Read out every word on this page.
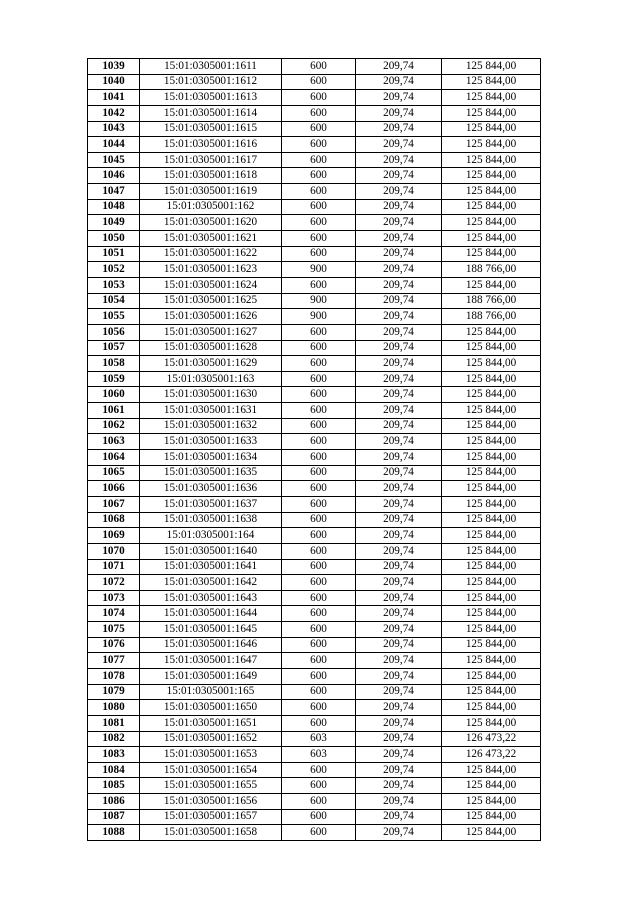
1039	15:01:0305001:1611	600	209,74	125 844,00
1040	15:01:0305001:1612	600	209,74	125 844,00
1041	15:01:0305001:1613	600	209,74	125 844,00
1042	15:01:0305001:1614	600	209,74	125 844,00
1043	15:01:0305001:1615	600	209,74	125 844,00
1044	15:01:0305001:1616	600	209,74	125 844,00
1045	15:01:0305001:1617	600	209,74	125 844,00
1046	15:01:0305001:1618	600	209,74	125 844,00
1047	15:01:0305001:1619	600	209,74	125 844,00
1048	15:01:0305001:162	600	209,74	125 844,00
1049	15:01:0305001:1620	600	209,74	125 844,00
1050	15:01:0305001:1621	600	209,74	125 844,00
1051	15:01:0305001:1622	600	209,74	125 844,00
1052	15:01:0305001:1623	900	209,74	188 766,00
1053	15:01:0305001:1624	600	209,74	125 844,00
1054	15:01:0305001:1625	900	209,74	188 766,00
1055	15:01:0305001:1626	900	209,74	188 766,00
1056	15:01:0305001:1627	600	209,74	125 844,00
1057	15:01:0305001:1628	600	209,74	125 844,00
1058	15:01:0305001:1629	600	209,74	125 844,00
1059	15:01:0305001:163	600	209,74	125 844,00
1060	15:01:0305001:1630	600	209,74	125 844,00
1061	15:01:0305001:1631	600	209,74	125 844,00
1062	15:01:0305001:1632	600	209,74	125 844,00
1063	15:01:0305001:1633	600	209,74	125 844,00
1064	15:01:0305001:1634	600	209,74	125 844,00
1065	15:01:0305001:1635	600	209,74	125 844,00
1066	15:01:0305001:1636	600	209,74	125 844,00
1067	15:01:0305001:1637	600	209,74	125 844,00
1068	15:01:0305001:1638	600	209,74	125 844,00
1069	15:01:0305001:164	600	209,74	125 844,00
1070	15:01:0305001:1640	600	209,74	125 844,00
1071	15:01:0305001:1641	600	209,74	125 844,00
1072	15:01:0305001:1642	600	209,74	125 844,00
1073	15:01:0305001:1643	600	209,74	125 844,00
1074	15:01:0305001:1644	600	209,74	125 844,00
1075	15:01:0305001:1645	600	209,74	125 844,00
1076	15:01:0305001:1646	600	209,74	125 844,00
1077	15:01:0305001:1647	600	209,74	125 844,00
1078	15:01:0305001:1649	600	209,74	125 844,00
1079	15:01:0305001:165	600	209,74	125 844,00
1080	15:01:0305001:1650	600	209,74	125 844,00
1081	15:01:0305001:1651	600	209,74	125 844,00
1082	15:01:0305001:1652	603	209,74	126 473,22
1083	15:01:0305001:1653	603	209,74	126 473,22
1084	15:01:0305001:1654	600	209,74	125 844,00
1085	15:01:0305001:1655	600	209,74	125 844,00
1086	15:01:0305001:1656	600	209,74	125 844,00
1087	15:01:0305001:1657	600	209,74	125 844,00
1088	15:01:0305001:1658	600	209,74	125 844,00
